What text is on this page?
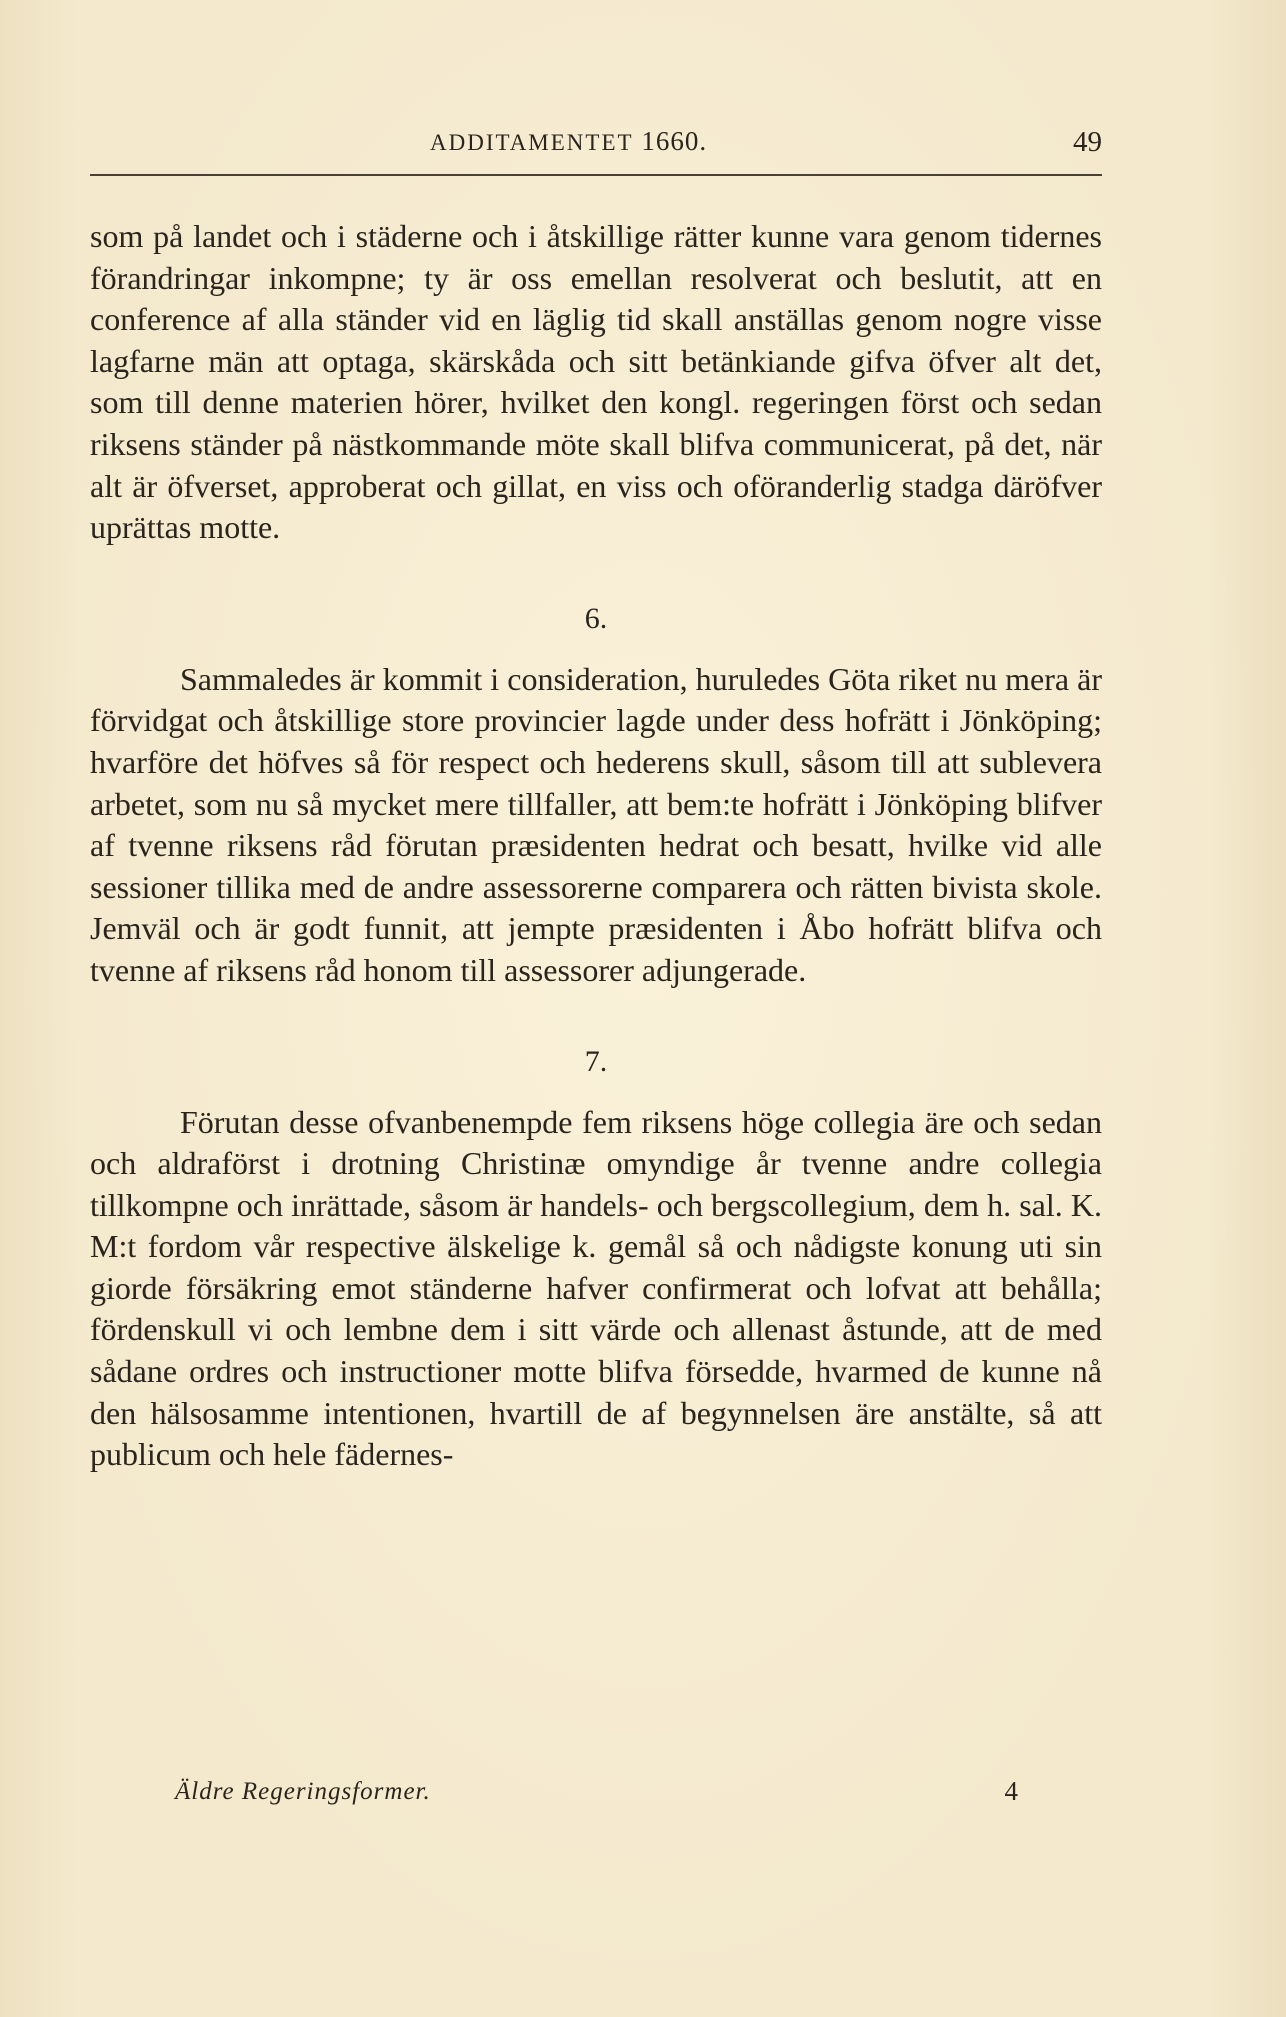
ADDITAMENTET 1660.	49

som på landet och i städerne och i åtskillige rätter kunne vara genom tidernes förandringar inkompne; ty är oss emellan resolverat och beslutit, att en conference af alla ständer vid en läglig tid skall anställas genom nogre visse lagfarne män att optaga, skärskåda och sitt betänkiande gifva öfver alt det, som till denne materien hörer, hvilket den kongl. regeringen först och sedan riksens ständer på nästkommande möte skall blifva communicerat, på det, när alt är öfverset, approberat och gillat, en viss och oföranderlig stadga däröfver uprättas motte.

6.

Sammaledes är kommit i consideration, huruledes Göta riket nu mera är förvidgat och åtskillige store provincier lagde under dess hofrätt i Jönköping; hvarföre det höfves så för respect och hederens skull, såsom till att sublevera arbetet, som nu så mycket mere tillfaller, att bem:te hofrätt i Jönköping blifver af tvenne riksens råd förutan præsidenten hedrat och besatt, hvilke vid alle sessioner tillika med de andre assessorerne comparera och rätten bivista skole. Jemväl och är godt funnit, att jempte præsidenten i Åbo hofrätt blifva och tvenne af riksens råd honom till assessorer adjungerade.

7.

Förutan desse ofvanbenempde fem riksens höge collegia äre och sedan och aldraförst i drotning Christinæ omyndige år tvenne andre collegia tillkompne och inrättade, såsom är handels- och bergscollegium, dem h. sal. K. M:t fordom vår respective älskelige k. gemål så och nådigste konung uti sin giorde försäkring emot ständerne hafver confirmerat och lofvat att behålla; fördenskull vi och lembne dem i sitt värde och allenast åstunde, att de med sådane ordres och instructioner motte blifva försedde, hvarmed de kunne nå den hälsosamme intentionen, hvartill de af begynnelsen äre anstälte, så att publicum och hele fädernes-

Äldre Regeringsformer.	4
